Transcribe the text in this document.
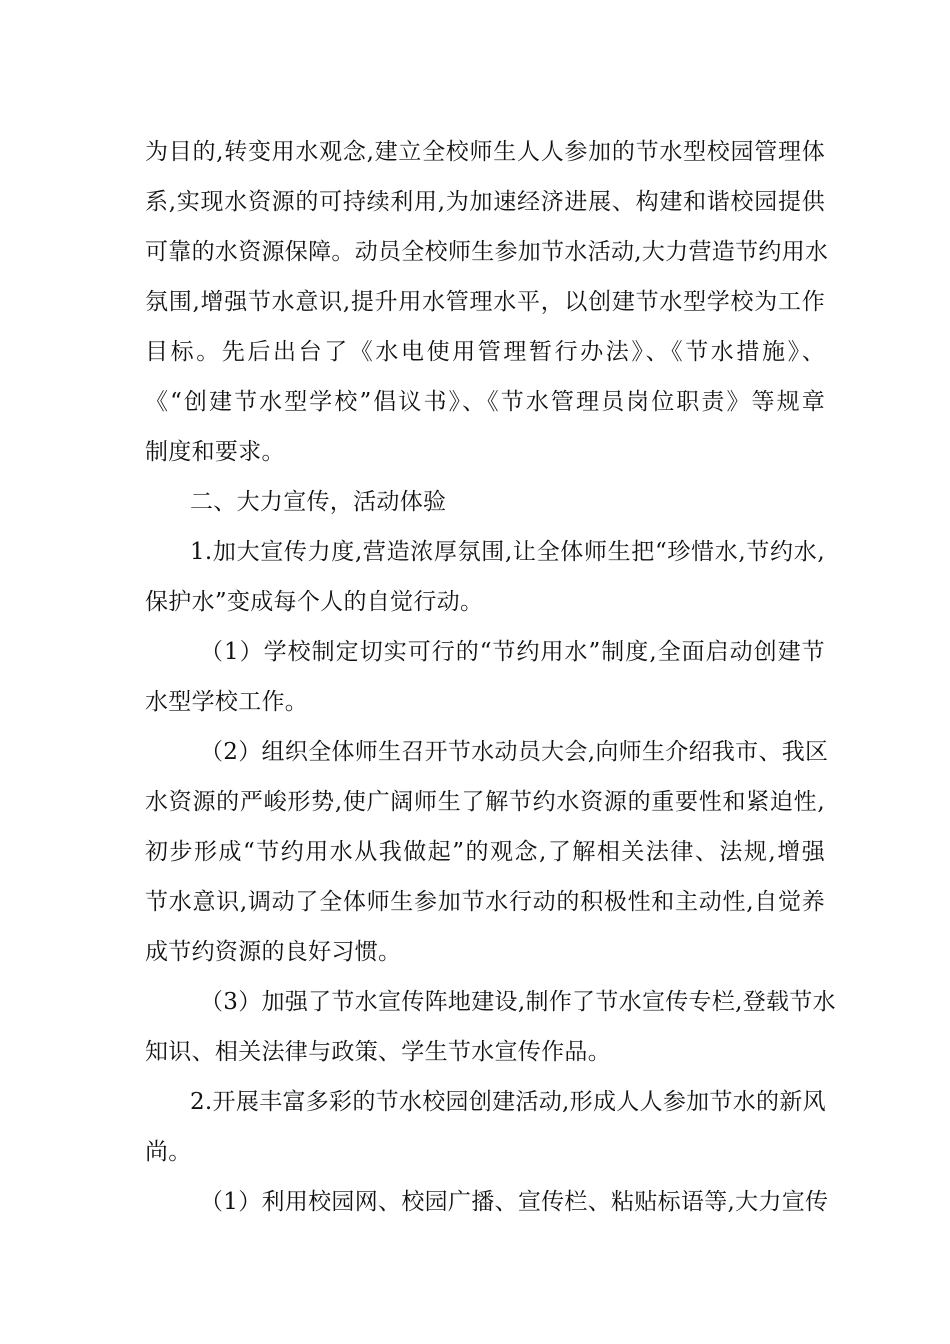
为目的,转变用水观念,建立全校师生人人参加的节水型校园管理体
系,实现水资源的可持续利用,为加速经济进展、构建和谐校园提供
可靠的水资源保障。动员全校师生参加节水活动,大力营造节约用水
氛围,增强节水意识,提升用水管理水平，以创建节水型学校为工作
目标。先后出台了《水电使用管理暂行办法》、《节水措施》、
《“创建节水型学校”倡议书》、《节水管理员岗位职责》等规章
制度和要求。
二、大力宣传，活动体验
1.加大宣传力度,营造浓厚氛围,让全体师生把“珍惜水,节约水,
保护水”变成每个人的自觉行动。
（1）学校制定切实可行的“节约用水”制度,全面启动创建节
水型学校工作。
（2）组织全体师生召开节水动员大会,向师生介绍我市、我区
水资源的严峻形势,使广阔师生了解节约水资源的重要性和紧迫性,
初步形成“节约用水从我做起”的观念,了解相关法律、法规,增强
节水意识,调动了全体师生参加节水行动的积极性和主动性,自觉养
成节约资源的良好习惯。
（3）加强了节水宣传阵地建设,制作了节水宣传专栏,登载节水
知识、相关法律与政策、学生节水宣传作品。
2.开展丰富多彩的节水校园创建活动,形成人人参加节水的新风
尚。
（1）利用校园网、校园广播、宣传栏、粘贴标语等,大力宣传
